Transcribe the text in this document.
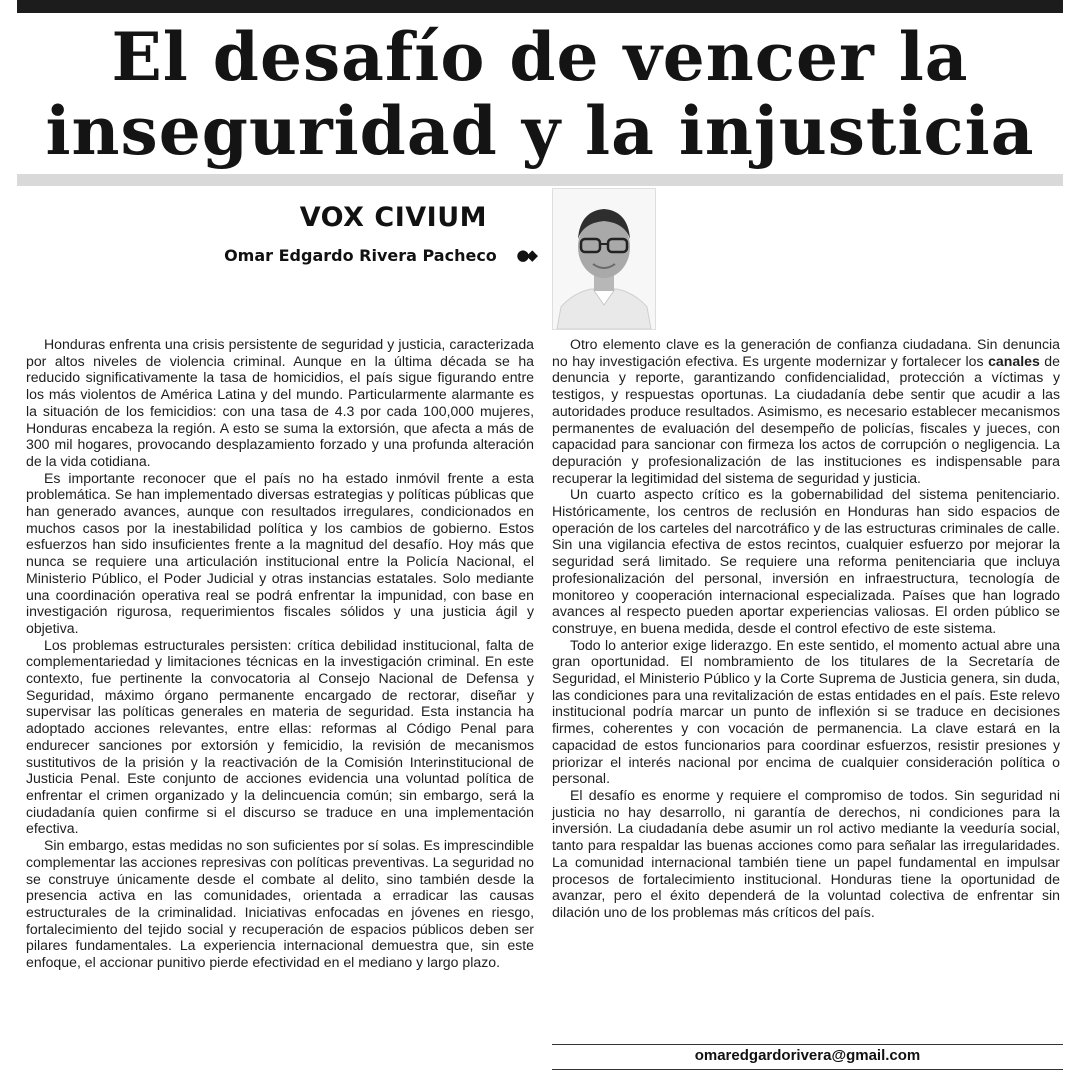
El desafío de vencer la inseguridad y la injusticia
VOX CIVIUM
Omar Edgardo Rivera Pacheco ●◆

Honduras enfrenta una crisis persistente de seguridad y justicia, caracterizada por altos niveles de violencia criminal. Aunque en la última década se ha reducido significativamente la tasa de homicidios, el país sigue figurando entre los más violentos de América Latina y del mundo. Particularmente alarmante es la situación de los femicidios: con una tasa de 4.3 por cada 100,000 mujeres, Honduras encabeza la región. A esto se suma la extorsión, que afecta a más de 300 mil hogares, provocando desplazamiento forzado y una profunda alteración de la vida cotidiana.

Es importante reconocer que el país no ha estado inmóvil frente a esta problemática. Se han implementado diversas estrategias y políticas públicas que han generado avances, aunque con resultados irregulares, condicionados en muchos casos por la inestabilidad política y los cambios de gobierno. Estos esfuerzos han sido insuficientes frente a la magnitud del desafío. Hoy más que nunca se requiere una articulación institucional entre la Policía Nacional, el Ministerio Público, el Poder Judicial y otras instancias estatales. Solo mediante una coordinación operativa real se podrá enfrentar la impunidad, con base en investigación rigurosa, requerimientos fiscales sólidos y una justicia ágil y objetiva.

Los problemas estructurales persisten: crítica debilidad institucional, falta de complementariedad y limitaciones técnicas en la investigación criminal. En este contexto, fue pertinente la convocatoria al Consejo Nacional de Defensa y Seguridad, máximo órgano permanente encargado de rectorar, diseñar y supervisar las políticas generales en materia de seguridad. Esta instancia ha adoptado acciones relevantes, entre ellas: reformas al Código Penal para endurecer sanciones por extorsión y femicidio, la revisión de mecanismos sustitutivos de la prisión y la reactivación de la Comisión Interinstitucional de Justicia Penal. Este conjunto de acciones evidencia una voluntad política de enfrentar el crimen organizado y la delincuencia común; sin embargo, será la ciudadanía quien confirme si el discurso se traduce en una implementación efectiva.

Sin embargo, estas medidas no son suficientes por sí solas. Es imprescindible complementar las acciones represivas con políticas preventivas. La seguridad no se construye únicamente desde el combate al delito, sino también desde la presencia activa en las comunidades, orientada a erradicar las causas estructurales de la criminalidad. Iniciativas enfocadas en jóvenes en riesgo, fortalecimiento del tejido social y recuperación de espacios públicos deben ser pilares fundamentales. La experiencia internacional demuestra que, sin este enfoque, el accionar punitivo pierde efectividad en el mediano y largo plazo.

Otro elemento clave es la generación de confianza ciudadana. Sin denuncia no hay investigación efectiva. Es urgente modernizar y fortalecer los canales de denuncia y reporte, garantizando confidencialidad, protección a víctimas y testigos, y respuestas oportunas. La ciudadanía debe sentir que acudir a las autoridades produce resultados. Asimismo, es necesario establecer mecanismos permanentes de evaluación del desempeño de policías, fiscales y jueces, con capacidad para sancionar con firmeza los actos de corrupción o negligencia. La depuración y profesionalización de las instituciones es indispensable para recuperar la legitimidad del sistema de seguridad y justicia.

Un cuarto aspecto crítico es la gobernabilidad del sistema penitenciario. Históricamente, los centros de reclusión en Honduras han sido espacios de operación de los carteles del narcotráfico y de las estructuras criminales de calle. Sin una vigilancia efectiva de estos recintos, cualquier esfuerzo por mejorar la seguridad será limitado. Se requiere una reforma penitenciaria que incluya profesionalización del personal, inversión en infraestructura, tecnología de monitoreo y cooperación internacional especializada. Países que han logrado avances al respecto pueden aportar experiencias valiosas. El orden público se construye, en buena medida, desde el control efectivo de este sistema.

Todo lo anterior exige liderazgo. En este sentido, el momento actual abre una gran oportunidad. El nombramiento de los titulares de la Secretaría de Seguridad, el Ministerio Público y la Corte Suprema de Justicia genera, sin duda, las condiciones para una revitalización de estas entidades en el país. Este relevo institucional podría marcar un punto de inflexión si se traduce en decisiones firmes, coherentes y con vocación de permanencia. La clave estará en la capacidad de estos funcionarios para coordinar esfuerzos, resistir presiones y priorizar el interés nacional por encima de cualquier consideración política o personal.

El desafío es enorme y requiere el compromiso de todos. Sin seguridad ni justicia no hay desarrollo, ni garantía de derechos, ni condiciones para la inversión. La ciudadanía debe asumir un rol activo mediante la veeduría social, tanto para respaldar las buenas acciones como para señalar las irregularidades. La comunidad internacional también tiene un papel fundamental en impulsar procesos de fortalecimiento institucional. Honduras tiene la oportunidad de avanzar, pero el éxito dependerá de la voluntad colectiva de enfrentar sin dilación uno de los problemas más críticos del país.

omaredgardorivera@gmail.com
